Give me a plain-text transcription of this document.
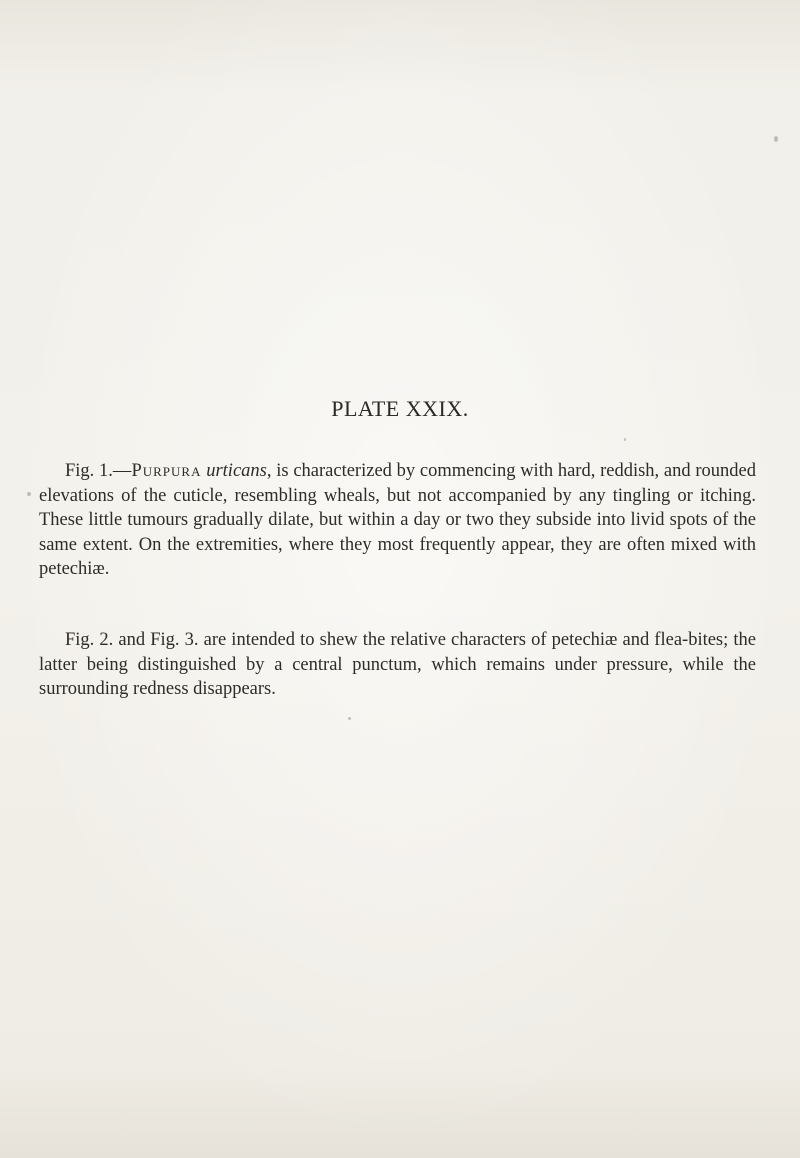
PLATE XXIX.

Fig. 1.—Purpura urticans, is characterized by commencing with hard, reddish, and rounded elevations of the cuticle, resembling wheals, but not accompanied by any tingling or itching. These little tumours gradually dilate, but within a day or two they subside into livid spots of the same extent. On the extremities, where they most frequently appear, they are often mixed with petechiæ.

Fig. 2. and Fig. 3. are intended to shew the relative characters of petechiæ and flea-bites; the latter being distinguished by a central punctum, which remains under pressure, while the surrounding redness disappears.
